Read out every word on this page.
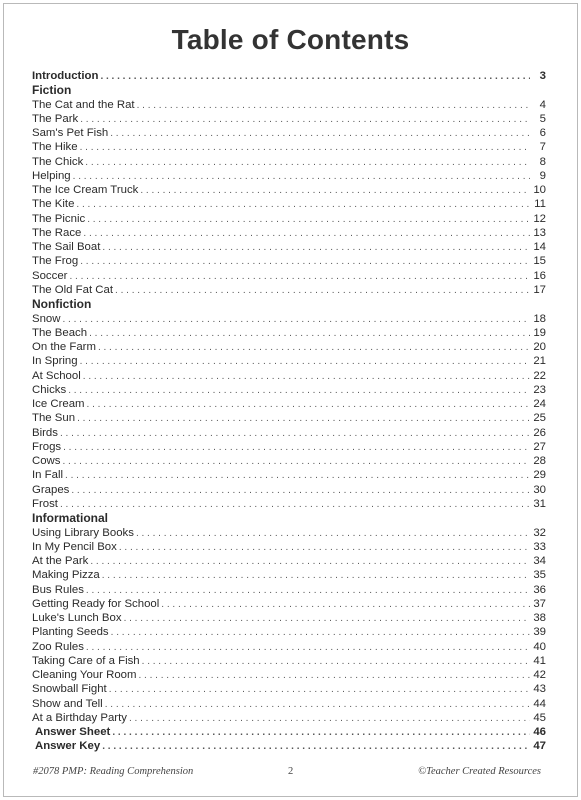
Table of Contents
Introduction . . .	3
Fiction
The Cat and the Rat . . .	4
The Park . . .	5
Sam's Pet Fish . . .	6
The Hike . . .	7
The Chick . . .	8
Helping . . .	9
The Ice Cream Truck . . .	10
The Kite . . .	11
The Picnic . . .	12
The Race . . .	13
The Sail Boat . . .	14
The Frog . . .	15
Soccer . . .	16
The Old Fat Cat . . .	17
Nonfiction
Snow . . .	18
The Beach . . .	19
On the Farm . . .	20
In Spring . . .	21
At School . . .	22
Chicks . . .	23
Ice Cream . . .	24
The Sun . . .	25
Birds . . .	26
Frogs . . .	27
Cows . . .	28
In Fall . . .	29
Grapes . . .	30
Frost . . .	31
Informational
Using Library Books . . .	32
In My Pencil Box . . .	33
At the Park . . .	34
Making Pizza . . .	35
Bus Rules . . .	36
Getting Ready for School . . .	37
Luke's Lunch Box . . .	38
Planting Seeds . . .	39
Zoo Rules . . .	40
Taking Care of a Fish . . .	41
Cleaning Your Room . . .	42
Snowball Fight . . .	43
Show and Tell . . .	44
At a Birthday Party . . .	45
Answer Sheet . . .	46
Answer Key . . .	47
#2078 PMP: Reading Comprehension	2	©Teacher Created Resources
